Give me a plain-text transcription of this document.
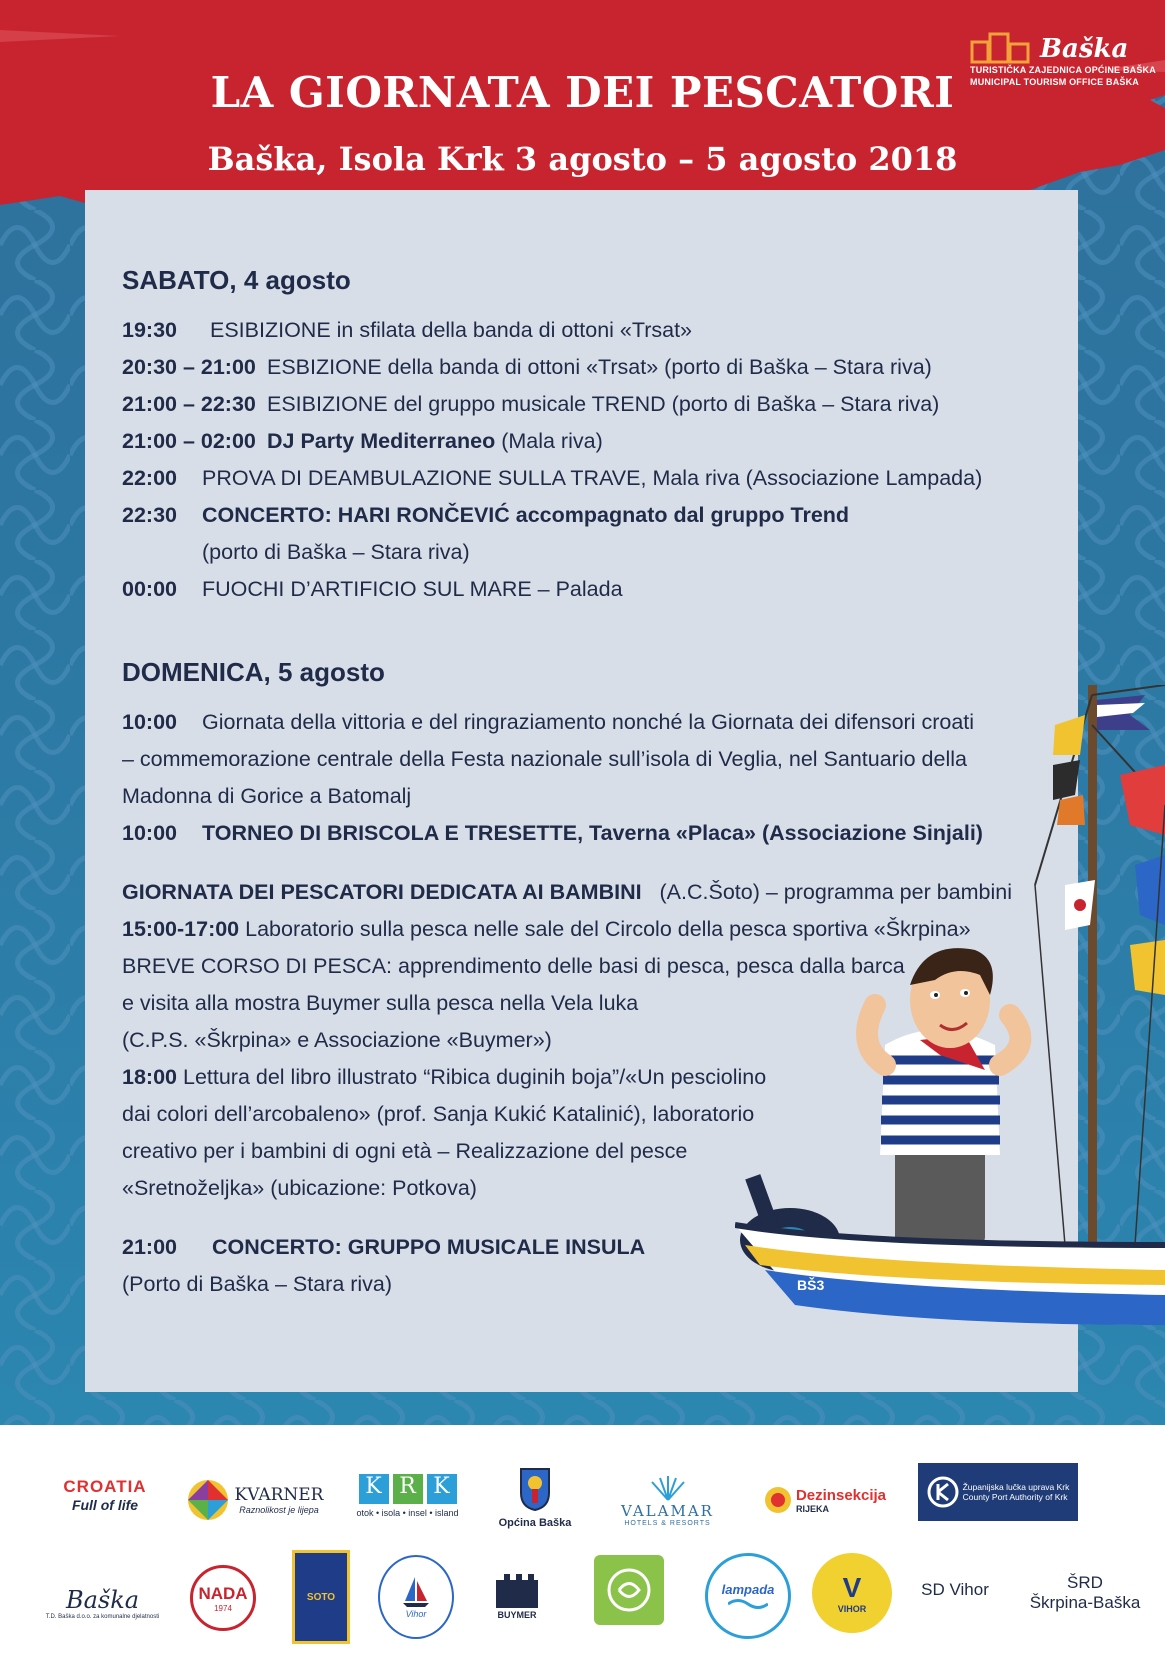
LA GIORNATA DEI PESCATORI
Baška, Isola Krk 3 agosto – 5 agosto 2018
Baška
TURISTIČKA ZAJEDNICA OPĆINE BAŠKA
MUNICIPAL TOURISM OFFICE BAŠKA
SABATO, 4 agosto
19:30 ESIBIZIONE in sfilata della banda di ottoni «Trsat»
20:30 – 21:00 ESBIZIONE della banda di ottoni «Trsat» (porto di Baška – Stara riva)
21:00 – 22:30 ESIBIZIONE del gruppo musicale TREND (porto di Baška – Stara riva)
21:00 – 02:00 DJ Party Mediterraneo (Mala riva)
22:00 PROVA DI DEAMBULAZIONE SULLA TRAVE, Mala riva (Associazione Lampada)
22:30 CONCERTO: HARI RONČEVIĆ accompagnato dal gruppo Trend
(porto di Baška – Stara riva)
00:00 FUOCHI D’ARTIFICIO SUL MARE – Palada
DOMENICA, 5 agosto
10:00 Giornata della vittoria e del ringraziamento nonché la Giornata dei difensori croati
– commemorazione centrale della Festa nazionale sull’isola di Veglia, nel Santuario della
Madonna di Gorice a Batomalj
10:00 TORNEO DI BRISCOLA E TRESETTE, Taverna «Placa» (Associazione Sinjali)
GIORNATA DEI PESCATORI DEDICATA AI BAMBINI (A.C.Šoto) – programma per bambini
15:00-17:00 Laboratorio sulla pesca nelle sale del Circolo della pesca sportiva «Škrpina»
BREVE CORSO DI PESCA: apprendimento delle basi di pesca, pesca dalla barca
e visita alla mostra Buymer sulla pesca nella Vela luka
(C.P.S. «Škrpina» e Associazione «Buymer»)
18:00 Lettura del libro illustrato “Ribica duginih boja”/«Un pesciolino
dai colori dell’arcobaleno» (prof. Sanja Kukić Katalinić), laboratorio
creativo per i bambini di ogni età – Realizzazione del pesce
«Sretnoželjka» (ubicazione: Potkova)
21:00 CONCERTO: GRUPPO MUSICALE INSULA
(Porto di Baška – Stara riva)	BŠ3
CROATIA
Full of life	KVARNER
Raznolikost je lijepa
K R K
otok • isola • insel • island
Općina Baška
VALAMAR
HOTELS & RESORTS
Dezinsekcija
RIJEKA
Županijska lučka uprava Krk
County Port Authority of Krk
Baška
T.D. Baška d.o.o. za komunalne djelatnosti
NADA
1974
SOTO
Vihor	BUYMER
lampada V
VIHOR
SD Vihor	ŠRD
Škrpina-Baška
